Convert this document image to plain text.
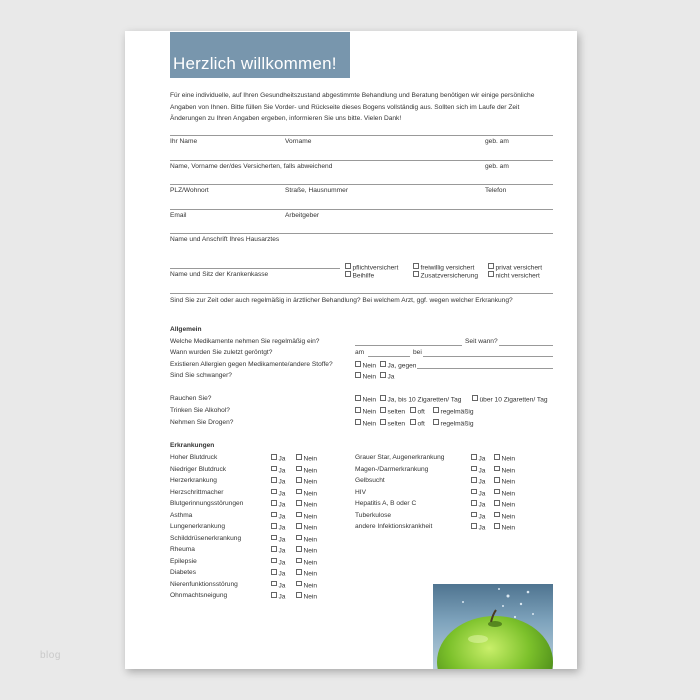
Herzlich willkommen!
Für eine individuelle, auf Ihren Gesundheitszustand abgestimmte Behandlung und Beratung benötigen wir einige persönliche Angaben von Ihnen. Bitte füllen Sie Vorder- und Rückseite dieses Bogens vollständig aus. Sollten sich im Laufe der Zeit Änderungen zu Ihren Angaben ergeben, informieren Sie uns bitte. Vielen Dank!
Ihr Name	Vorname	geb. am
Name, Vorname der/des Versicherten, falls abweichend	geb. am
PLZ/Wohnort	Straße, Hausnummer	Telefon
Email	Arbeitgeber
Name und Anschrift Ihres Hausarztes
Name und Sitz der Krankenkasse
pflichtversichert	freiwillig versichert	privat versichert
Beihilfe	Zusatzversicherung	nicht versichert
Sind Sie zur Zeit oder auch regelmäßig in ärztlicher Behandlung? Bei welchem Arzt, ggf. wegen welcher Erkrankung?
Allgemein
Welche Medikamente nehmen Sie regelmäßig ein?	Seit wann?
Wann wurden Sie zuletzt geröntgt?	am	bei
Existieren Allergien gegen Medikamente/andere Stoffe?	Nein	Ja, gegen
Sind Sie schwanger?	Nein	Ja
Rauchen Sie?	Nein	Ja, bis 10 Zigaretten/ Tag	über 10 Zigaretten/ Tag
Trinken Sie Alkohol?	Nein	selten	oft	regelmäßig
Nehmen Sie Drogen?	Nein	selten	oft	regelmäßig
Erkrankungen
Hoher Blutdruck	Ja	Nein
Niedriger Blutdruck	Ja	Nein
Herzerkrankung	Ja	Nein
Herzschrittmacher	Ja	Nein
Blutgerinnungsstörungen	Ja	Nein
Asthma	Ja	Nein
Lungenerkrankung	Ja	Nein
Schilddrüsenerkrankung	Ja	Nein
Rheuma	Ja	Nein
Epilepsie	Ja	Nein
Diabetes	Ja	Nein
Nierenfunktionsstörung	Ja	Nein
Ohnmachtsneigung	Ja	Nein
Grauer Star, Augenerkrankung	Ja	Nein
Magen-/Darmerkrankung	Ja	Nein
Gelbsucht	Ja	Nein
HIV	Ja	Nein
Hepatitis A, B oder C	Ja	Nein
Tuberkulose	Ja	Nein
andere Infektionskrankheit	Ja	Nein
blog
